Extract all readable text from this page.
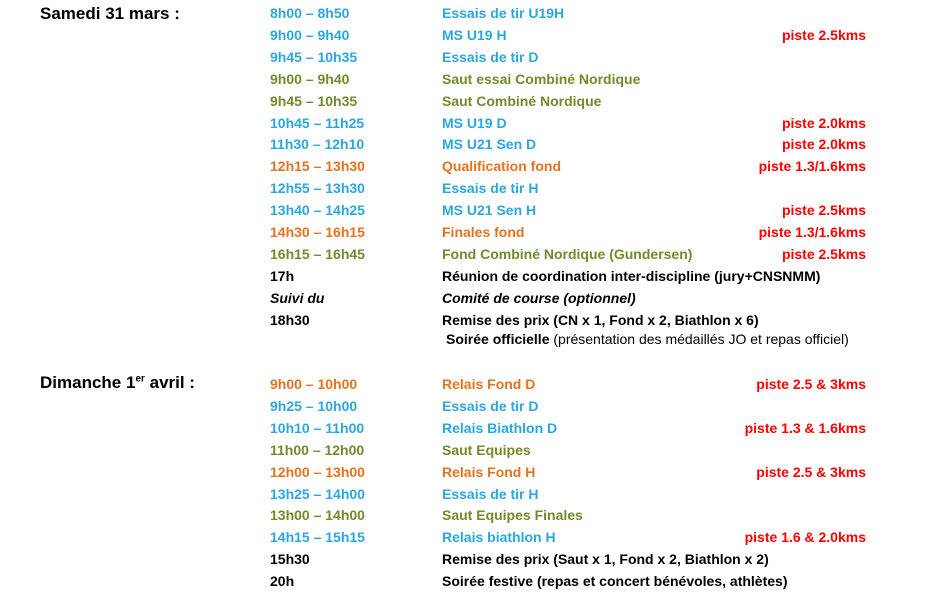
Samedi 31 mars :	8h00 – 8h50	Essais de tir U19H
9h00 – 9h40	MS U19 H	piste 2.5kms
9h45 – 10h35	Essais de tir D
9h00 – 9h40	Saut essai Combiné Nordique
9h45 – 10h35	Saut Combiné Nordique
10h45 – 11h25	MS U19 D	piste 2.0kms
11h30 – 12h10	MS U21 Sen D	piste 2.0kms
12h15 – 13h30	Qualification fond	piste 1.3/1.6kms
12h55 – 13h30	Essais de tir H
13h40 – 14h25	MS U21 Sen H	piste 2.5kms
14h30 – 16h15	Finales fond	piste 1.3/1.6kms
16h15 – 16h45	Fond Combiné Nordique (Gundersen)	piste 2.5kms
17h	Réunion de coordination inter-discipline (jury+CNSNMM)
Suivi du	Comité de course (optionnel)
18h30	Remise des prix (CN x 1, Fond x 2, Biathlon x 6)
Soirée officielle (présentation des médaillés JO et repas officiel)
Dimanche 1er avril :	9h00 – 10h00	Relais Fond D	piste 2.5 & 3kms
9h25 – 10h00	Essais de tir D
10h10 – 11h00	Relais Biathlon D	piste 1.3 & 1.6kms
11h00 – 12h00	Saut Equipes
12h00 – 13h00	Relais Fond H	piste 2.5 & 3kms
13h25 – 14h00	Essais de tir H
13h00 – 14h00	Saut Equipes Finales
14h15 – 15h15	Relais biathlon H	piste 1.6 & 2.0kms
15h30	Remise des prix (Saut x 1, Fond x 2, Biathlon x 2)
20h	Soirée festive (repas et concert bénévoles, athlètes)
